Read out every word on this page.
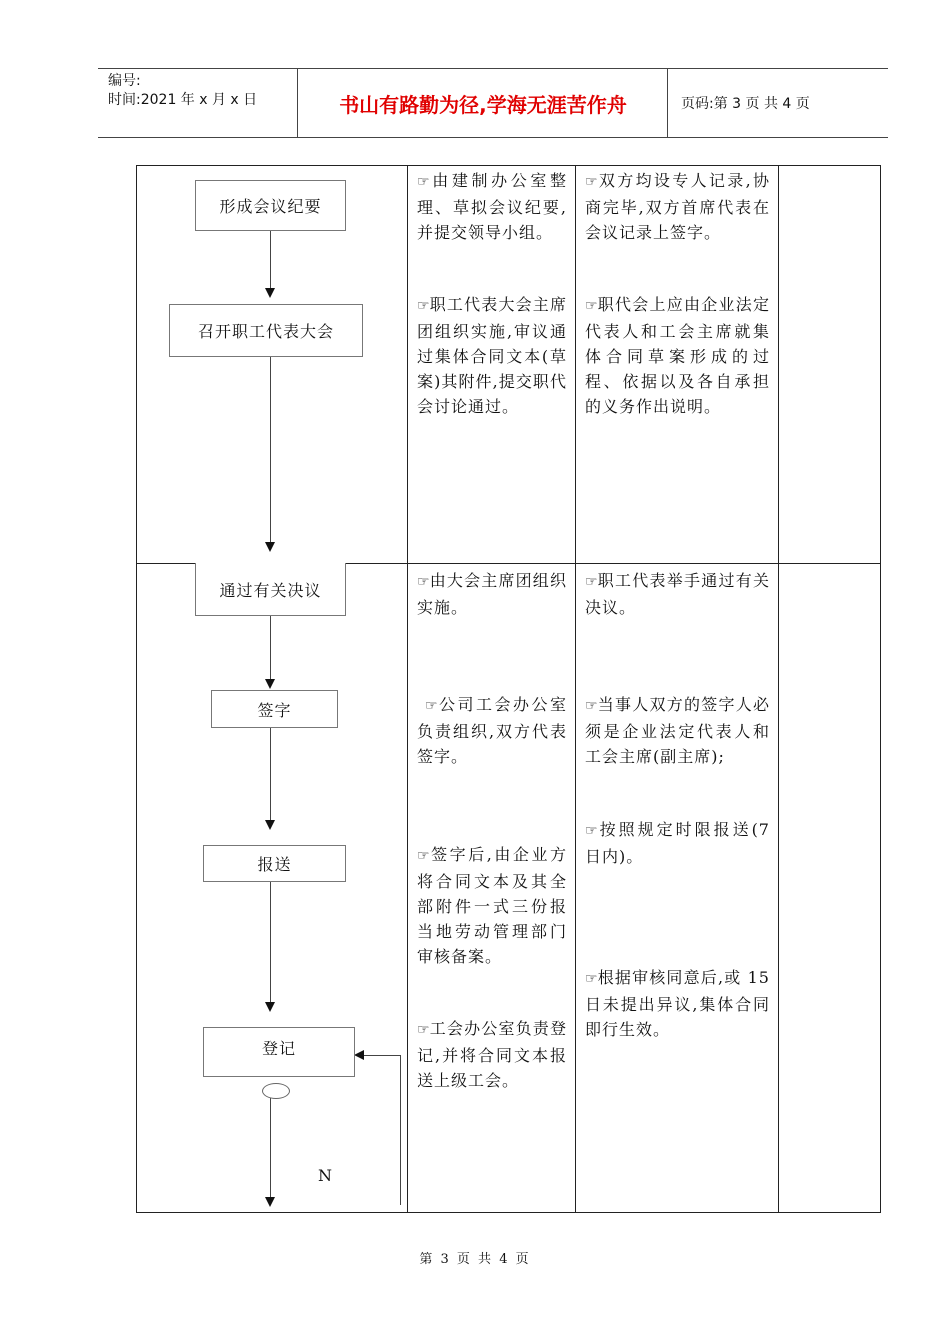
编号:
时间:2021 年 x 月 x 日	书山有路勤为径,学海无涯苦作舟	页码:第 3 页 共 4 页
形成会议纪要
召开职工代表大会
通过有关决议
签字
报送
登记
N
☞由建制办公室整理、草拟会议纪要,并提交领导小组。
☞职工代表大会主席团组织实施,审议通过集体合同文本(草案)其附件,提交职代会讨论通过。
☞由大会主席团组织实施。
☞公司工会办公室负责组织,双方代表签字。
☞签字后,由企业方将合同文本及其全部附件一式三份报当地劳动管理部门审核备案。
☞工会办公室负责登记,并将合同文本报送上级工会。
☞双方均设专人记录,协商完毕,双方首席代表在会议记录上签字。
☞职代会上应由企业法定代表人和工会主席就集体合同草案形成的过程、依据以及各自承担的义务作出说明。
☞职工代表举手通过有关决议。
☞当事人双方的签字人必须是企业法定代表人和工会主席(副主席);
☞按照规定时限报送(7 日内)。
☞根据审核同意后,或 15 日未提出异议,集体合同即行生效。
第 3 页 共 4 页
